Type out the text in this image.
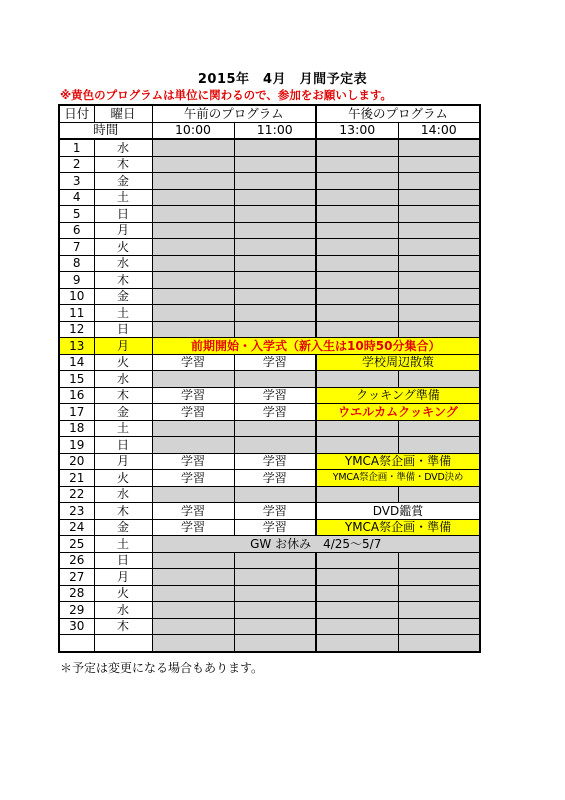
2015年　4月　月間予定表
※黄色のプログラムは単位に関わるので、参加をお願いします。
日付	曜日	午前のプログラム		午後のプログラム	
時間		10:00	11:00	13:00	14:00
1	水				
2	木				
3	金				
4	土				
5	日				
6	月				
7	火				
8	水				
9	木				
10	金				
11	土				
12	日				
13	月	前期開始・入学式（新入生は10時50分集合）			
14	火	学習	学習	学校周辺散策	
15	水				
16	木	学習	学習	クッキング準備	
17	金	学習	学習	ウエルカムクッキング	
18	土				
19	日				
20	月	学習	学習	YMCA祭企画・準備	
21	火	学習	学習	YMCA祭企画・準備・DVD決め	
22	水				
23	木	学習	学習	DVD鑑賞	
24	金	学習	学習	YMCA祭企画・準備	
25	土	GW お休み　4/25～5/7			
26	日				
27	月				
28	火				
29	水				
30	木				

＊予定は変更になる場合もあります。
